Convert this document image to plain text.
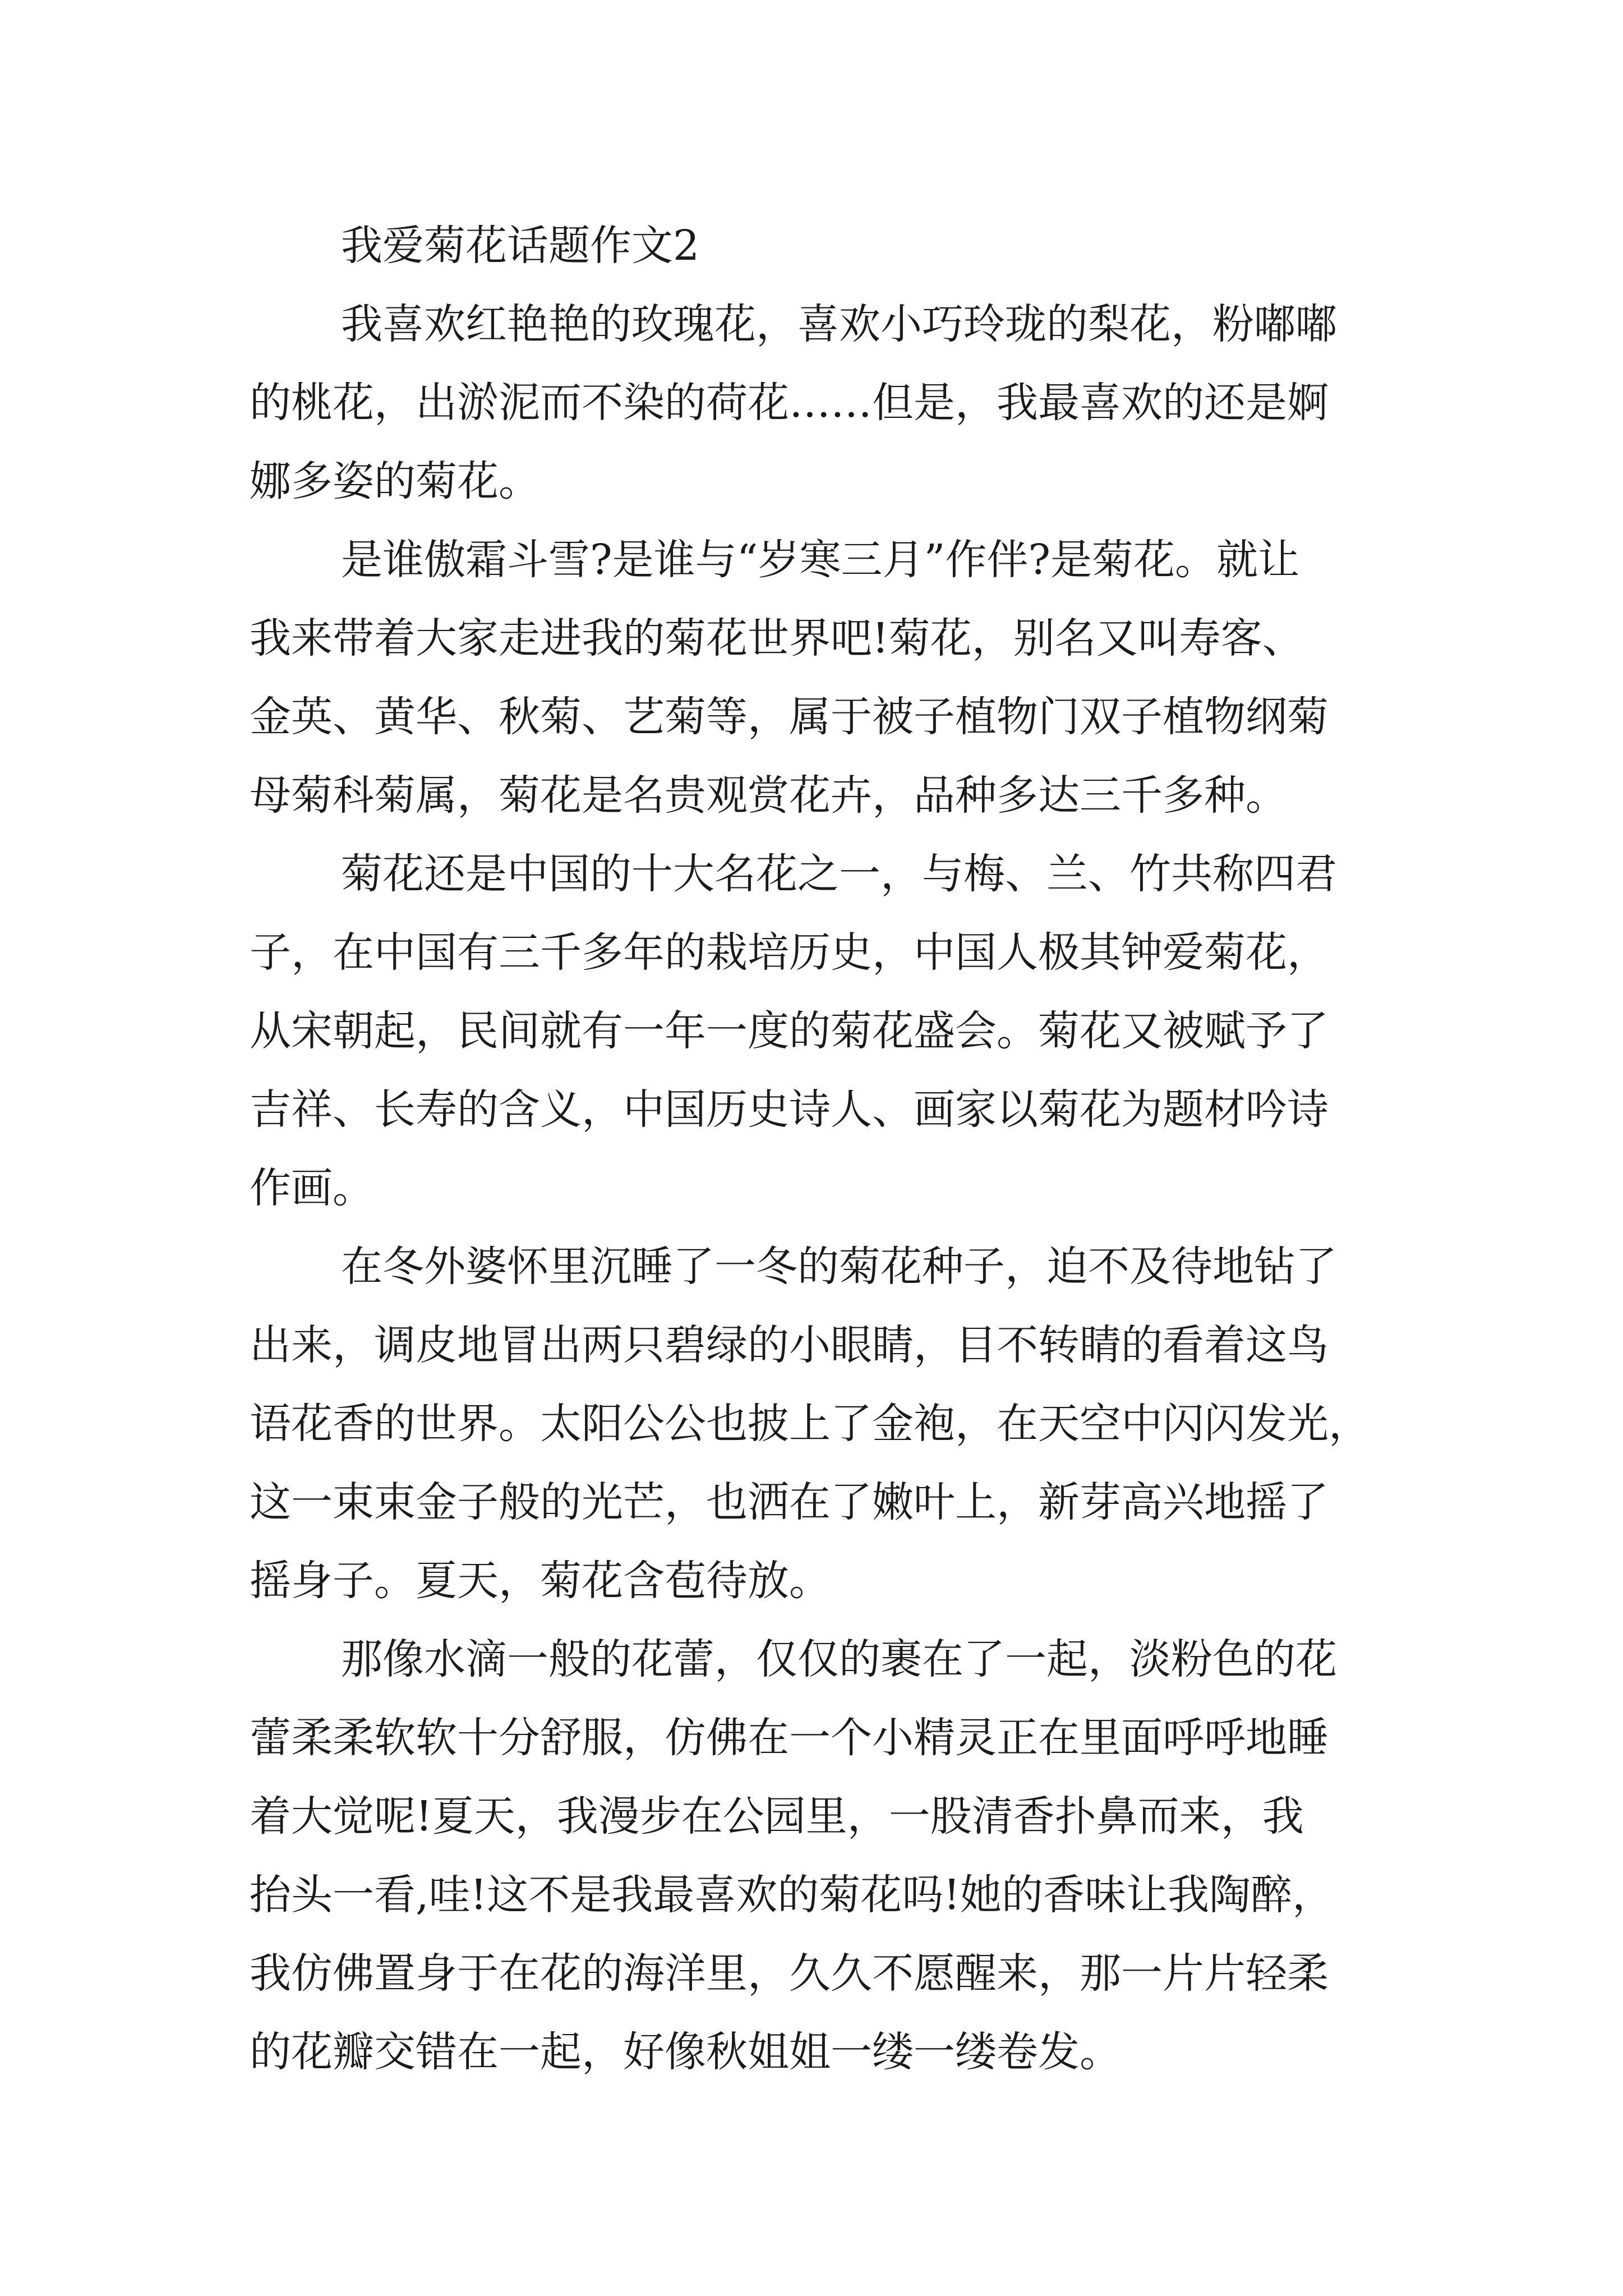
我爱菊花话题作文2
我喜欢红艳艳的玫瑰花，喜欢小巧玲珑的梨花，粉嘟嘟
的桃花，出淤泥而不染的荷花……但是，我最喜欢的还是婀
娜多姿的菊花。
是谁傲霜斗雪?是谁与“岁寒三月”作伴?是菊花。就让
我来带着大家走进我的菊花世界吧!菊花，别名又叫寿客、
金英、黄华、秋菊、艺菊等，属于被子植物门双子植物纲菊
母菊科菊属，菊花是名贵观赏花卉，品种多达三千多种。
菊花还是中国的十大名花之一，与梅、兰、竹共称四君
子，在中国有三千多年的栽培历史，中国人极其钟爱菊花，
从宋朝起，民间就有一年一度的菊花盛会。菊花又被赋予了
吉祥、长寿的含义，中国历史诗人、画家以菊花为题材吟诗
作画。
在冬外婆怀里沉睡了一冬的菊花种子，迫不及待地钻了
出来，调皮地冒出两只碧绿的小眼睛，目不转睛的看着这鸟
语花香的世界。太阳公公也披上了金袍，在天空中闪闪发光，
这一束束金子般的光芒，也洒在了嫩叶上，新芽高兴地摇了
摇身子。夏天，菊花含苞待放。
那像水滴一般的花蕾，仅仅的裹在了一起，淡粉色的花
蕾柔柔软软十分舒服，仿佛在一个小精灵正在里面呼呼地睡
着大觉呢!夏天，我漫步在公园里，一股清香扑鼻而来，我
抬头一看,哇!这不是我最喜欢的菊花吗!她的香味让我陶醉，
我仿佛置身于在花的海洋里，久久不愿醒来，那一片片轻柔
的花瓣交错在一起，好像秋姐姐一缕一缕卷发。
